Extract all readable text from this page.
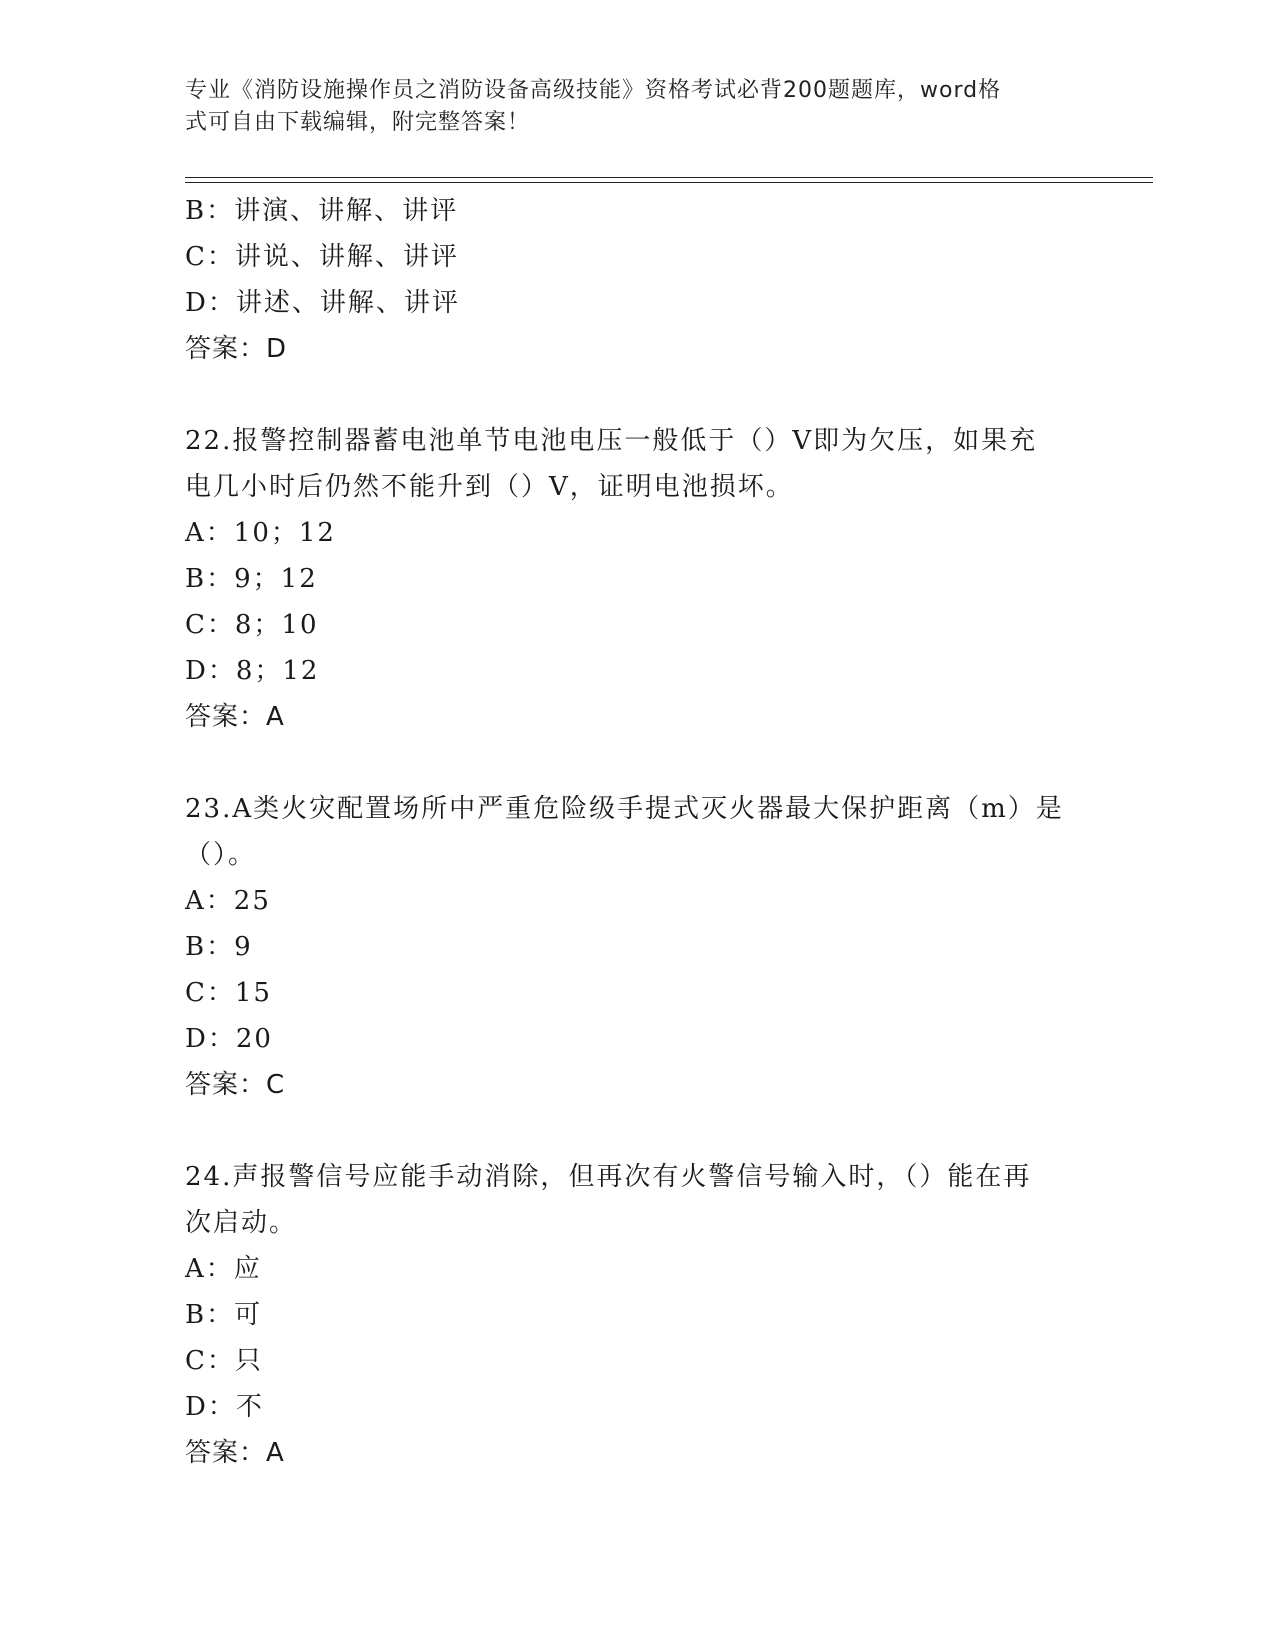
专业《消防设施操作员之消防设备高级技能》资格考试必背200题题库，word格
式可自由下载编辑，附完整答案！
B：讲演、讲解、讲评
C：讲说、讲解、讲评
D：讲述、讲解、讲评
答案：D
22.报警控制器蓄电池单节电池电压一般低于（）V即为欠压，如果充
电几小时后仍然不能升到（）V，证明电池损坏。
A：10；12
B：9；12
C：8；10
D：8；12
答案：A
23.A类火灾配置场所中严重危险级手提式灭火器最大保护距离（m）是
（）。
A：25
B：9
C：15
D：20
答案：C
24.声报警信号应能手动消除，但再次有火警信号输入时，（）能在再
次启动。
A：应
B：可
C：只
D：不
答案：A
